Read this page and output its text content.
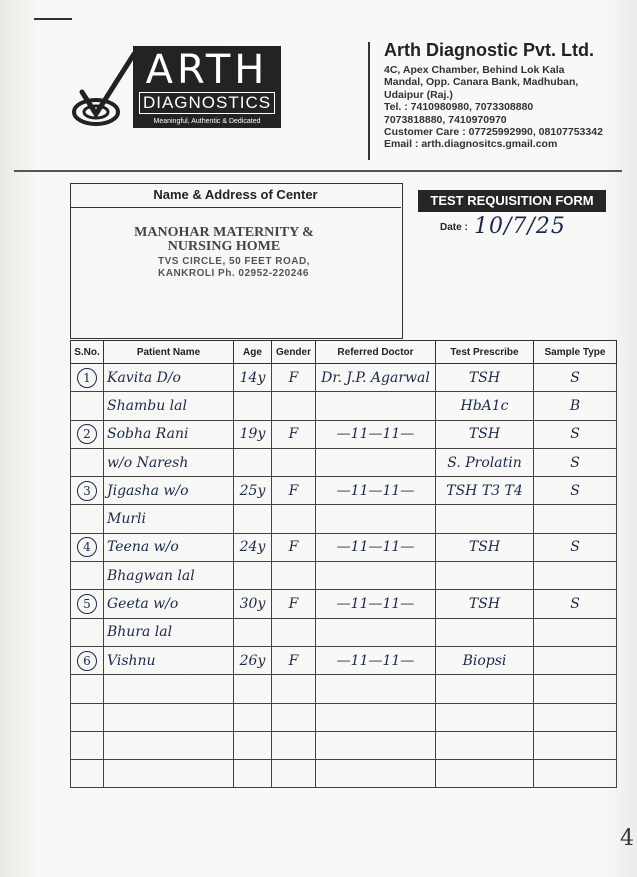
ARTH
DIAGNOSTICS
Meaningful, Authentic & Dedicated
Arth Diagnostic Pvt. Ltd.
4C, Apex Chamber, Behind Lok Kala
Mandal, Opp. Canara Bank, Madhuban,
Udaipur (Raj.)
Tel. : 7410980980, 7073308880
7073818880, 7410970970
Customer Care : 07725992990, 08107753342
Email : arth.diagnositcs.gmail.com
Name & Address of Center
MANOHAR MATERNITY &
NURSING HOME
TVS CIRCLE, 50 FEET ROAD,
KANKROLI Ph. 02952-220246
TEST REQUISITION FORM
Date : 10/7/25
S.No.	Patient Name	Age	Gender	Referred Doctor	Test Prescribe	Sample Type
1	Kavita D/o	14y	F	Dr. J.P. Agarwal	TSH	S
	Shambu lal				HbA1c	B
2	Sobha Rani	19y	F	—11—11—	TSH	S
	w/o Naresh				S. Prolatin	S
3	Jigasha w/o	25y	F	—11—11—	TSH T3 T4	S
	Murli					
4	Teena w/o	24y	F	—11—11—	TSH	S
	Bhagwan lal					
5	Geeta w/o	30y	F	—11—11—	TSH	S
	Bhura lal					
6	Vishnu	26y	F	—11—11—	Biopsi	

4
